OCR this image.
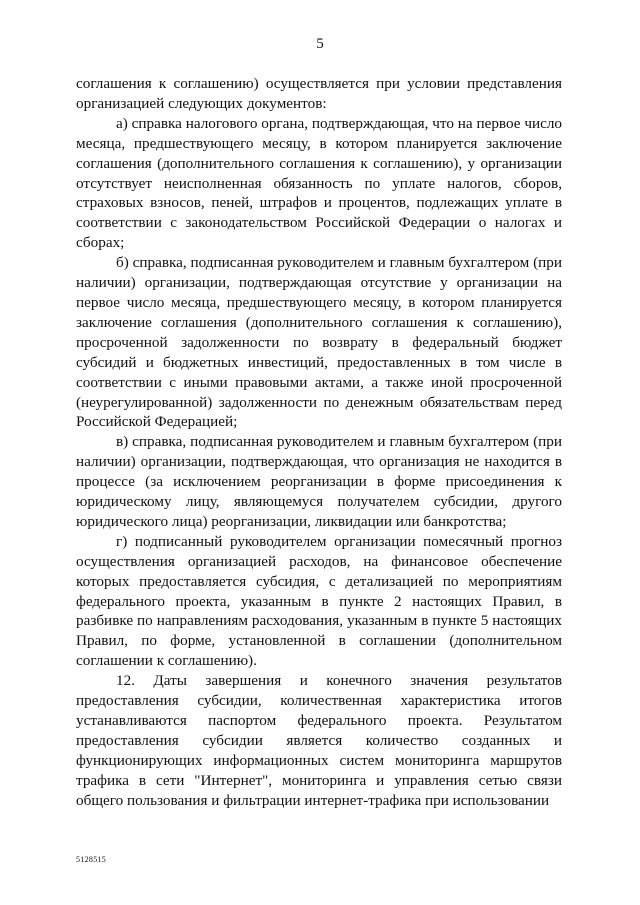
5

соглашения к соглашению) осуществляется при условии представления организацией следующих документов:

а) справка налогового органа, подтверждающая, что на первое число месяца, предшествующего месяцу, в котором планируется заключение соглашения (дополнительного соглашения к соглашению), у организации отсутствует неисполненная обязанность по уплате налогов, сборов, страховых взносов, пеней, штрафов и процентов, подлежащих уплате в соответствии с законодательством Российской Федерации о налогах и сборах;

б) справка, подписанная руководителем и главным бухгалтером (при наличии) организации, подтверждающая отсутствие у организации на первое число месяца, предшествующего месяцу, в котором планируется заключение соглашения (дополнительного соглашения к соглашению), просроченной задолженности по возврату в федеральный бюджет субсидий и бюджетных инвестиций, предоставленных в том числе в соответствии с иными правовыми актами, а также иной просроченной (неурегулированной) задолженности по денежным обязательствам перед Российской Федерацией;

в) справка, подписанная руководителем и главным бухгалтером (при наличии) организации, подтверждающая, что организация не находится в процессе (за исключением реорганизации в форме присоединения к юридическому лицу, являющемуся получателем субсидии, другого юридического лица) реорганизации, ликвидации или банкротства;

г) подписанный руководителем организации помесячный прогноз осуществления организацией расходов, на финансовое обеспечение которых предоставляется субсидия, с детализацией по мероприятиям федерального проекта, указанным в пункте 2 настоящих Правил, в разбивке по направлениям расходования, указанным в пункте 5 настоящих Правил, по форме, установленной в соглашении (дополнительном соглашении к соглашению).

12. Даты завершения и конечного значения результатов предоставления субсидии, количественная характеристика итогов устанавливаются паспортом федерального проекта. Результатом предоставления субсидии является количество созданных и функционирующих информационных систем мониторинга маршрутов трафика в сети "Интернет", мониторинга и управления сетью связи общего пользования и фильтрации интернет-трафика при использовании

5128515
